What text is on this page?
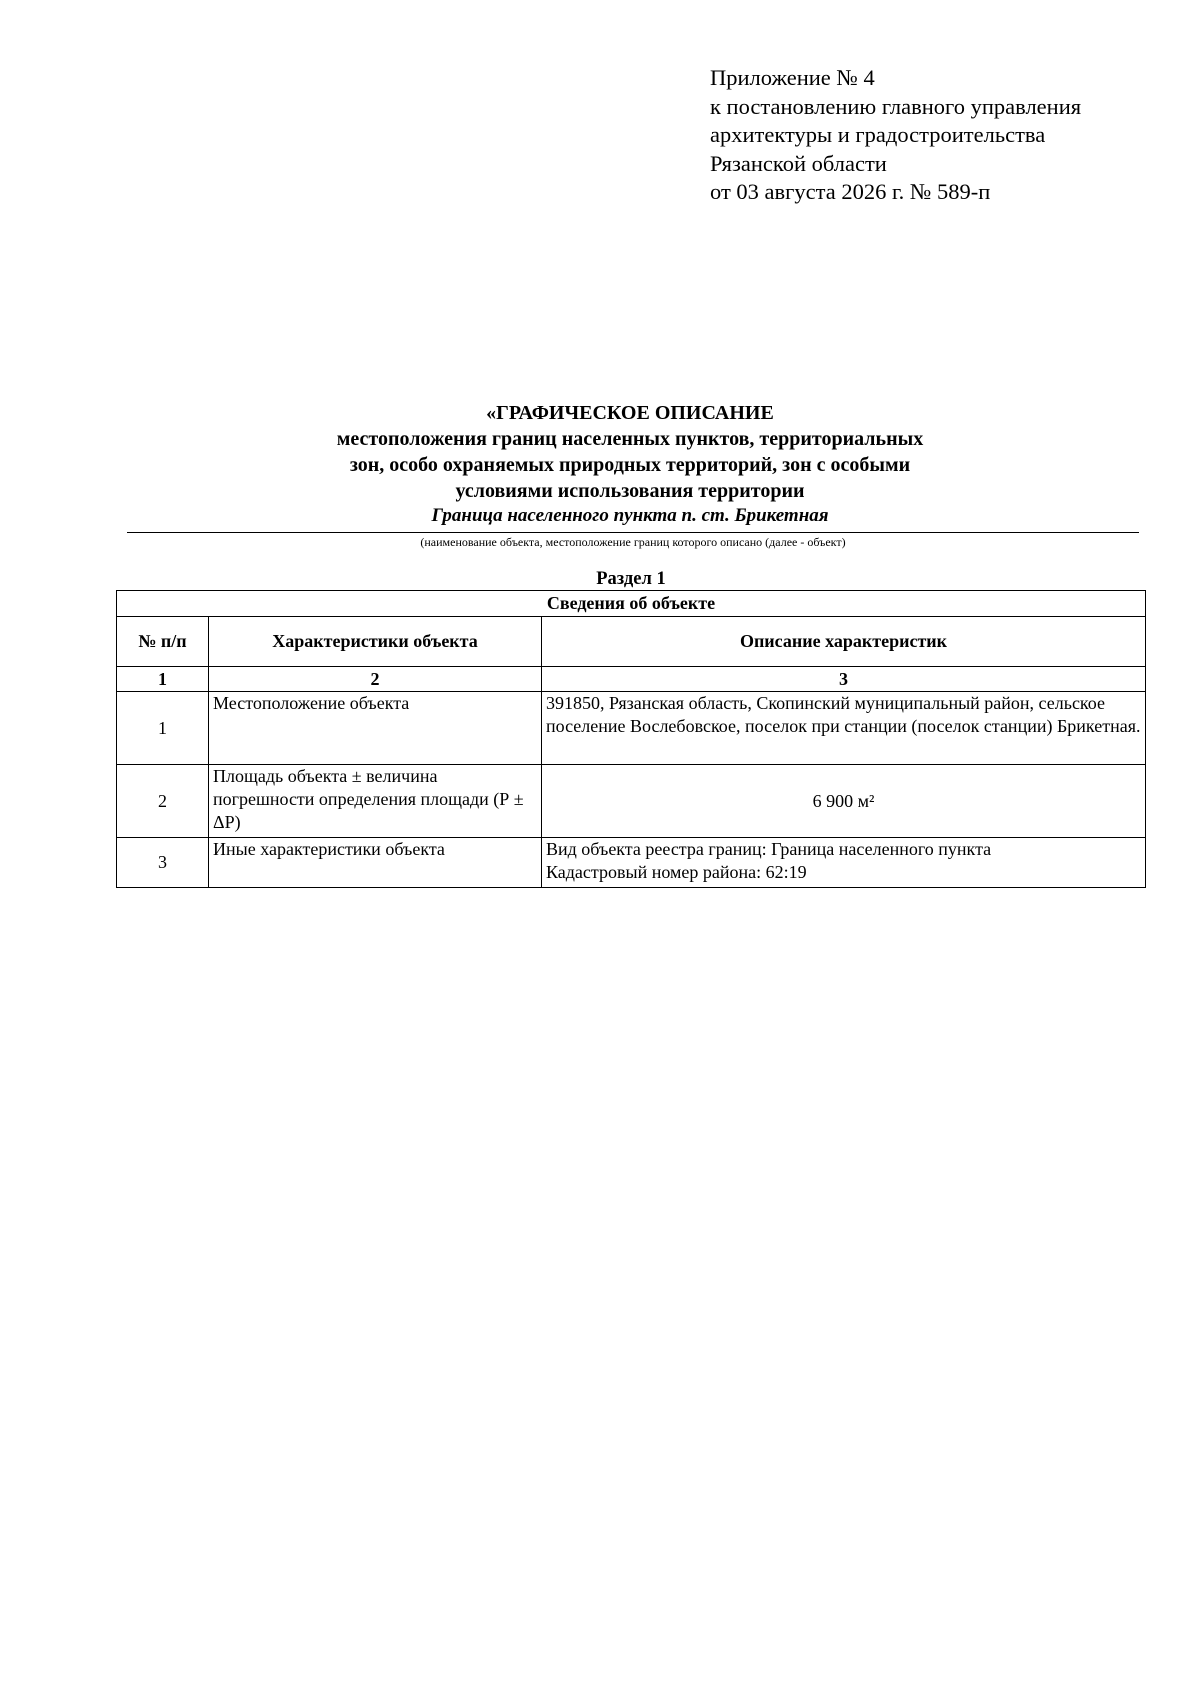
Приложение № 4
к постановлению главного управления
архитектуры и градостроительства
Рязанской области
от 03 августа 2026 г. № 589-п
«ГРАФИЧЕСКОЕ ОПИСАНИЕ
местоположения границ населенных пунктов, территориальных
зон, особо охраняемых природных территорий, зон с особыми
условиями использования территории
Граница населенного пункта п. ст. Брикетная
(наименование объекта, местоположение границ которого описано (далее - объект)
Раздел 1
Сведения об объекте		
№ п/п	Характеристики объекта	Описание характеристик
1	2	3
1	Местоположение объекта	391850, Рязанская область, Скопинский муниципальный район, сельское поселение Вослебовское, поселок при станции (поселок станции) Брикетная.
2	Площадь объекта ± величина погрешности определения площади (Р ± ΔР)	6 900 м²
3	Иные характеристики объекта	Вид объекта реестра границ: Граница населенного пункта
Кадастровый номер района: 62:19
